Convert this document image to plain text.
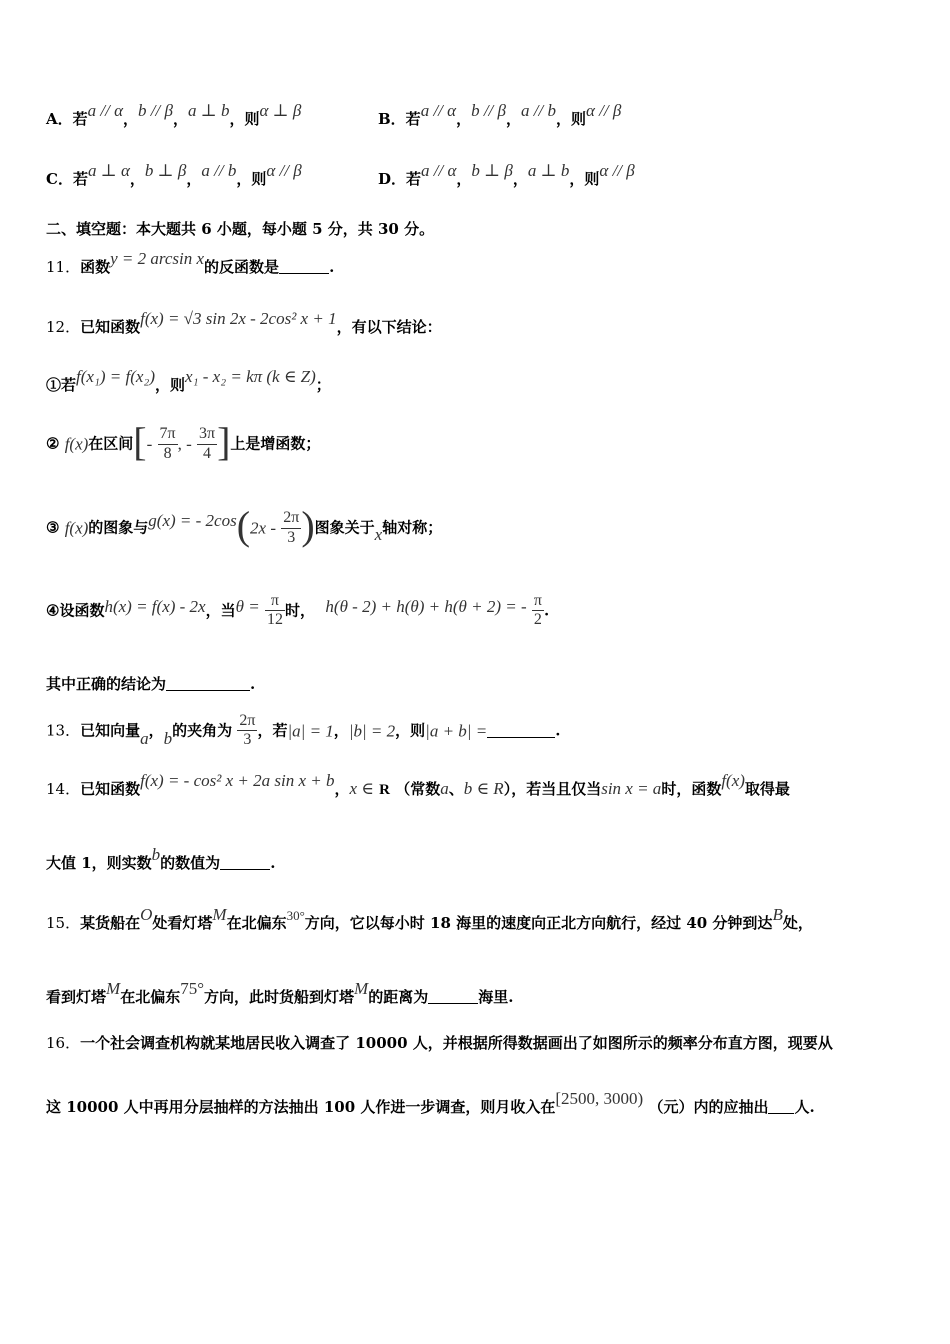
A．若a // α，b // β，a ⊥ b，则α ⊥ β	B．若a // α，b // β，a // b，则α // β
C．若a ⊥ α，b ⊥ β，a // b，则α // β	D．若a // α，b ⊥ β，a ⊥ b，则α // β
二、填空题：本大题共 6 小题，每小题 5 分，共 30 分。
11．函数y = 2 arcsin x的反函数是	.
12．已知函数f(x) = √3 sin 2x - 2cos² x + 1，有以下结论：
①若f(x₁) = f(x₂)，则x₁ - x₂ = kπ (k ∈ Z)；
② f(x)在区间[- $\frac{7\pi}{8}$ , - $\frac{3\pi}{4}$ ]上是增函数；
③ f(x)的图象与g(x) = - $2\cos(2x - \frac{2\pi}{3}$ )图象关于x轴对称；
④设函数h(x) = f(x) - 2x，当$\theta = \frac{\pi}{12}$ 时， h(θ - 2) + h(θ) + h(θ + 2) = - $\frac{\pi}{2}$ .
其中正确的结论为	.
13．已知向量a，b的夹角为 $\frac{2\pi}{3}$ ，若|a| = 1，|b| = 2，则|a + b| =	.
14．已知函数f(x) = - cos² x + 2a sin x + b，x ∈ R （常数a、b ∈ R），若当且仅当sin x = a时，函数f(x)取得最
大值 1，则实数b的数值为	.
15．某货船在O处看灯塔M在北偏东30°方向，它以每小时 18 海里的速度向正北方向航行，经过 40 分钟到达B处，
看到灯塔M在北偏东75°方向，此时货船到灯塔M的距离为	海里.
16．一个社会调查机构就某地居民收入调查了 10000 人，并根据所得数据画出了如图所示的频率分布直方图，现要从
这 10000 人中再用分层抽样的方法抽出 100 人作进一步调查，则月收入在[2500, 3000) （元）内的应抽出 人.
